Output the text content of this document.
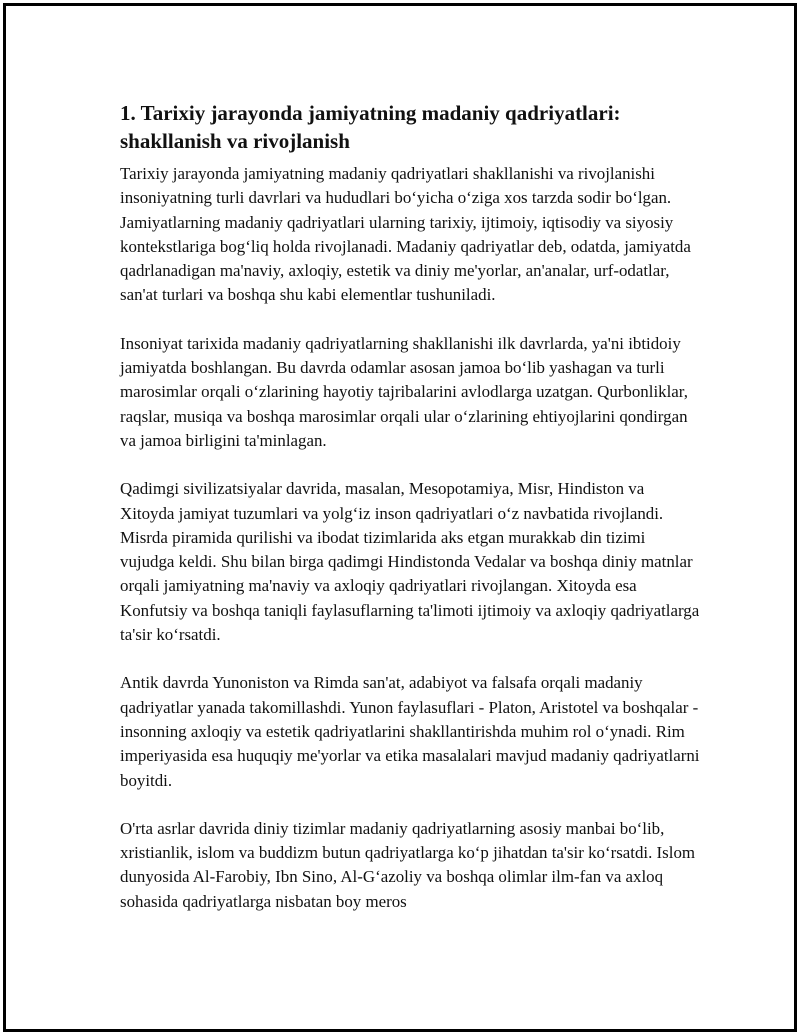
1. Tarixiy jarayonda jamiyatning madaniy qadriyatlari: shakllanish va rivojlanish

Tarixiy jarayonda jamiyatning madaniy qadriyatlari shakllanishi va rivojlanishi insoniyatning turli davrlari va hududlari boʻyicha oʻziga xos tarzda sodir boʻlgan. Jamiyatlarning madaniy qadriyatlari ularning tarixiy, ijtimoiy, iqtisodiy va siyosiy kontekstlariga bogʻliq holda rivojlanadi. Madaniy qadriyatlar deb, odatda, jamiyatda qadrlanadigan ma'naviy, axloqiy, estetik va diniy me'yorlar, an'analar, urf-odatlar, san'at turlari va boshqa shu kabi elementlar tushuniladi.

Insoniyat tarixida madaniy qadriyatlarning shakllanishi ilk davrlarda, ya'ni ibtidoiy jamiyatda boshlangan. Bu davrda odamlar asosan jamoa boʻlib yashagan va turli marosimlar orqali oʻzlarining hayotiy tajribalarini avlodlarga uzatgan. Qurbonliklar, raqslar, musiqa va boshqa marosimlar orqali ular oʻzlarining ehtiyojlarini qondirgan va jamoa birligini ta'minlagan.

Qadimgi sivilizatsiyalar davrida, masalan, Mesopotamiya, Misr, Hindiston va Xitoyda jamiyat tuzumlari va yolgʻiz inson qadriyatlari oʻz navbatida rivojlandi. Misrda piramida qurilishi va ibodat tizimlarida aks etgan murakkab din tizimi vujudga keldi. Shu bilan birga qadimgi Hindistonda Vedalar va boshqa diniy matnlar orqali jamiyatning ma'naviy va axloqiy qadriyatlari rivojlangan. Xitoyda esa Konfutsiy va boshqa taniqli faylasuflarning ta'limoti ijtimoiy va axloqiy qadriyatlarga ta'sir koʻrsatdi.

Antik davrda Yunoniston va Rimda san'at, adabiyot va falsafa orqali madaniy qadriyatlar yanada takomillashdi. Yunon faylasuflari - Platon, Aristotel va boshqalar - insonning axloqiy va estetik qadriyatlarini shakllantirishda muhim rol oʻynadi. Rim imperiyasida esa huquqiy me'yorlar va etika masalalari mavjud madaniy qadriyatlarni boyitdi.

O'rta asrlar davrida diniy tizimlar madaniy qadriyatlarning asosiy manbai boʻlib, xristianlik, islom va buddizm butun qadriyatlarga koʻp jihatdan ta'sir koʻrsatdi. Islom dunyosida Al-Farobiy, Ibn Sino, Al-Gʻazoliy va boshqa olimlar ilm-fan va axloq sohasida qadriyatlarga nisbatan boy meros
